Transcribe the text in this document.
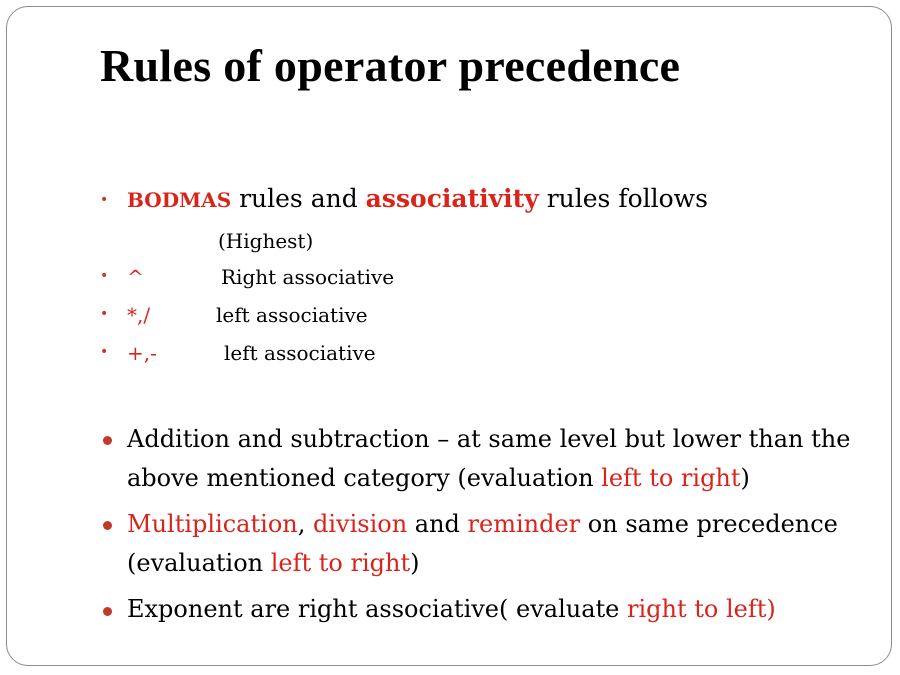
Rules of operator precedence
• BODMAS rules and associativity rules follows
(Highest)
• ^	Right associative
• *,/	left associative
• +,-	left associative
Addition and subtraction – at same level but lower than the
above mentioned category (evaluation left to right)
Multiplication, division and reminder on same precedence
(evaluation left to right)
Exponent are right associative( evaluate right to left)
